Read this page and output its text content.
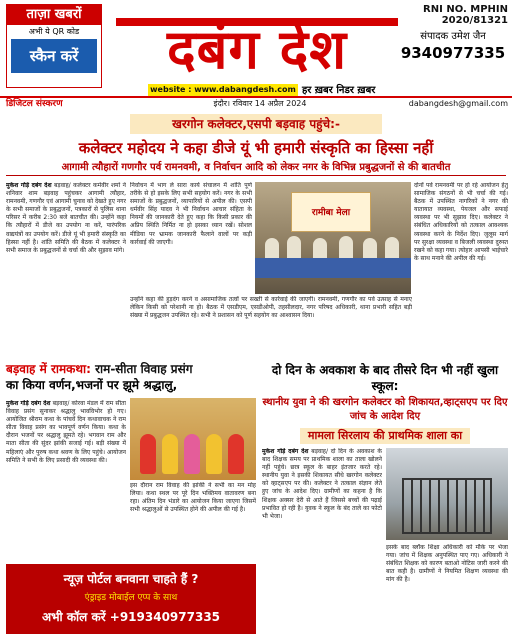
ताज़ा खबरों
अभी ये QR कोड
स्कैन करें	दबंग देश
RNI NO. MPHIN 2020/81321
संपादक उमेश जैन
9340977335
website : www.dabangdesh.com हर ख़बर निडर ख़बर
डिजिटल संस्करण	इंदौर। रविवार 14 अप्रैल 2024	dabangdesh@gmail.com
खरगोन कलेक्टर,एसपी बड़वाह पहुंचे:-
कलेक्टर महोदय ने कहा डीजे यूं भी हमारी संस्कृति का हिस्सा नहीं
आगामी त्यौहारों गणगौर पर्व रामनवमी, व निर्वाचन आदि को लेकर नगर के विभिन्न प्रबुद्धजनों से की बातचीत
मुकेश गोड़े दबंग देश बड़वाह/ कलेक्टर कर्मवीर शर्मा ने शनिवार शाम बड़वाह पहुंचकर आगामी त्यौहार, रामनवमी, गणगौर एवं आगामी चुनाव को देखते हुए नगर के सभी समाजों के प्रबुद्धजनों, पत्रकारों से पुलिस थाना परिसर में करीब 2:30 बजे बातचीत की। उन्होंने कहा कि त्यौहारों में डीजे का उपयोग ना करें, पारंपरिक वाद्ययंत्रों का उपयोग करें। डीजे यूं भी हमारी संस्कृति का हिस्सा नहीं है। शांति समिति की बैठक में कलेक्टर ने सभी समाज के प्रबुद्धजनों से चर्चा की और सुझाव मांगे।
निर्वाचन में भाग ले सारा कार्य संचालन में शांति पूर्ण तरीके से हो इसके लिए सभी सहयोग करें। नगर के सभी समाजों के प्रबुद्धजनों, व्यापारियों से अपील की। एसपी धर्मवीर सिंह यादव ने भी निर्वाचन आचार संहिता के नियमों की जानकारी देते हुए कहा कि किसी प्रकार की अप्रिय स्थिति निर्मित ना हो इसका ध्यान रखें। सोशल मीडिया पर भ्रामक जानकारी फैलाने वालों पर कड़ी कार्रवाई की जाएगी।
रामीबा मेला
दोनों पर्व रामनवमी पर हो रहे आयोजन हेतु सामाजिक संगठनों से भी चर्चा की गई। बैठक में उपस्थित नागरिकों ने नगर की यातायात व्यवस्था, पेयजल और सफाई व्यवस्था पर भी सुझाव दिए। कलेक्टर ने संबंधित अधिकारियों को तत्काल आवश्यक व्यवस्था करने के निर्देश दिए। जुलूस मार्ग पर सुरक्षा व्यवस्था व बिजली व्यवस्था दुरुस्त रखने को कहा गया। त्योहार आपसी भाईचारे के साथ मनाने की अपील की गई।
उन्होंने कहा की हुड़दंग करने व असामाजिक तत्वों पर सख्ती से कार्रवाई की जाएगी। रामनवमी, गणगौर का पर्व उत्साह से मनाए लेकिन किसी को परेशानी ना हो। बैठक में एसडीएम, एसडीओपी, तहसीलदार, नगर परिषद अधिकारी, थाना प्रभारी सहित बड़ी संख्या में प्रबुद्धजन उपस्थित रहे। सभी ने प्रशासन को पूर्ण सहयोग का आश्वासन दिया।
बड़वाह में रामकथा: राम-सीता विवाह प्रसंग
का किया वर्णन,भजनों पर झूमे श्रद्धालु,
मुकेश गोड़े दबंग देश बड़वाह/ कोरवा मंडल में राम सीता विवाह प्रसंग सुनाकर श्रद्धालु भावविभोर हो गए। आयोजित श्रीराम कथा के पांचवें दिन कथावाचक ने राम सीता विवाह प्रसंग का भावपूर्ण वर्णन किया। कथा के दौरान भजनों पर श्रद्धालु झूमते रहे। भगवान राम और माता सीता की सुंदर झांकी सजाई गई। बड़ी संख्या में महिलाएं और पुरुष कथा श्रवण के लिए पहुंचे। आयोजन समिति ने सभी के लिए प्रसादी की व्यवस्था की।
इस दौरान राम विवाह की झांकी ने सभी का मन मोह लिया। कथा स्थल पर पूरे दिन भक्तिमय वातावरण बना रहा। अंतिम दिन भंडारे का आयोजन किया जाएगा जिसमें सभी श्रद्धालुओं से उपस्थित होने की अपील की गई है।
दो दिन के अवकाश के बाद तीसरे दिन भी नहीं खुला स्कूल:
स्थानीय युवा ने की खरगोन कलेक्टर को शिकायत,व्हाट्सएप पर दिए जांच के आदेश दिए
मामला सिरलाय की प्राथमिक शाला का
मुकेश गोड़े दबंग देश बड़वाह/ दो दिन के अवकाश के बाद शिक्षक समय पर प्राथमिक शाला का ताला खोलने नहीं पहुंचे। छात्र स्कूल के बाहर इंतजार करते रहे। स्थानीय युवा ने इसकी शिकायत सीधे खरगोन कलेक्टर को व्हाट्सएप पर की। कलेक्टर ने तत्काल संज्ञान लेते हुए जांच के आदेश दिए। ग्रामीणों का कहना है कि शिक्षक अक्सर देरी से आते हैं जिससे बच्चों की पढ़ाई प्रभावित हो रही है। युवक ने स्कूल के बंद ताले का फोटो भी भेजा।
इसके बाद ब्लॉक शिक्षा अधिकारी को मौके पर भेजा गया। जांच में शिक्षक अनुपस्थित पाए गए। अधिकारी ने संबंधित शिक्षक को कारण बताओ नोटिस जारी करने की बात कही है। ग्रामीणों ने नियमित शिक्षण व्यवस्था की मांग की है।
न्यूज़ पोर्टल बनवाना चाहते हैं ?
एंड्राइड मोबाईल एप्प के साथ
अभी कॉल करें +919340977335
